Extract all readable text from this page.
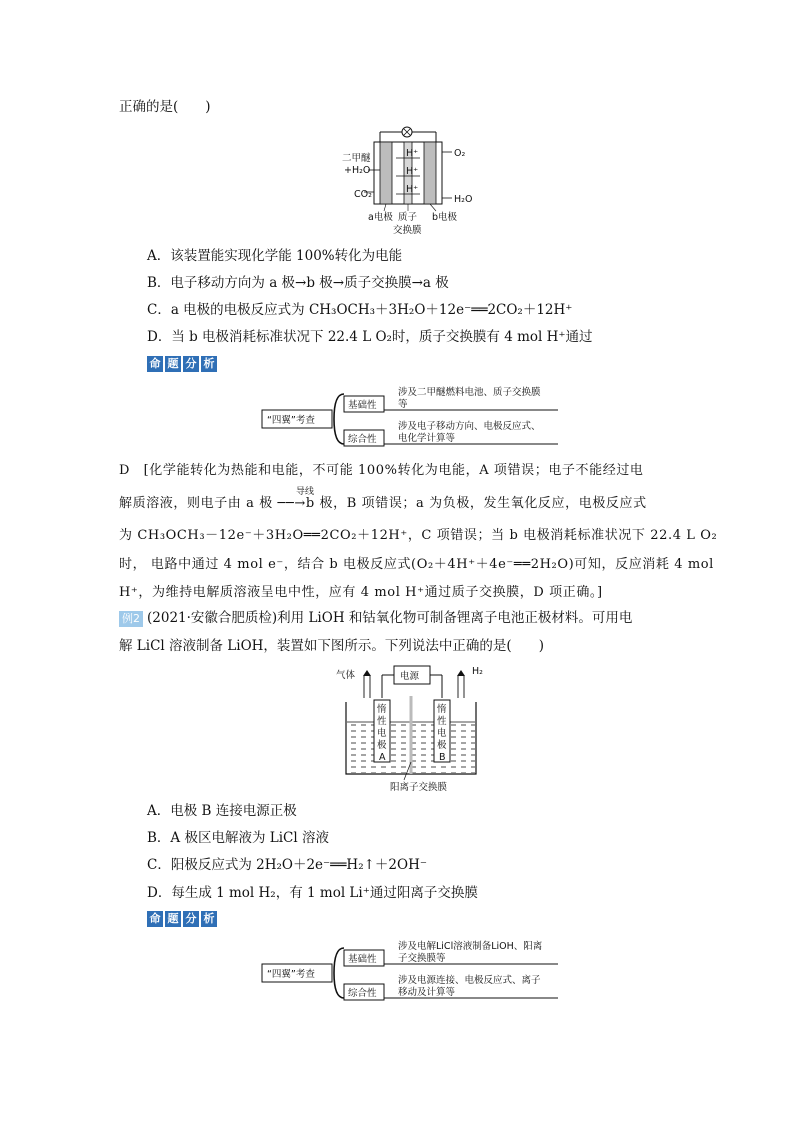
正确的是(　　)
H⁺
H⁺
H⁺
二甲醚
+H₂O
CO₂
O₂
H₂O
a电极 质子
交换膜
b电极
A．该装置能实现化学能 100%转化为电能
B．电子移动方向为 a 极→b 极→质子交换膜→a 极
C．a 电极的电极反应式为 CH₃OCH₃＋3H₂O＋12e⁻══2CO₂＋12H⁺
D．当 b 电极消耗标准状况下 22.4 L O₂时，质子交换膜有 4 mol H⁺通过
命 题 分 析
“四翼”考查
基础性
涉及二甲醚燃料电池、质子交换膜
等
综合性
涉及电子移动方向、电极反应式、
电化学计算等
D　[化学能转化为热能和电能，不可能 100%转化为电能，A 项错误；电子不能经过电
导线
解质溶液，则电子由 a 极 ──→b 极，B 项错误；a 为负极，发生氧化反应，电极反应式
为 CH₃OCH₃－12e⁻＋3H₂O══2CO₂＋12H⁺，C 项错误；当 b 电极消耗标准状况下 22.4 L O₂
时， 电路中通过 4 mol e⁻，结合 b 电极反应式(O₂＋4H⁺＋4e⁻══2H₂O)可知，反应消耗 4 mol
H⁺，为维持电解质溶液呈电中性，应有 4 mol H⁺通过质子交换膜，D 项正确。]
例2 (2021·安徽合肥质检)利用 LiOH 和钴氧化物可制备锂离子电池正极材料。可用电
解 LiCl 溶液制备 LiOH，装置如下图所示。下列说法中正确的是(　　)
电源
气体	H₂
惰
性
电
极
A
惰
性
电
极
B
阳离子交换膜
A．电极 B 连接电源正极
B．A 极区电解液为 LiCl 溶液
C．阳极反应式为 2H₂O＋2e⁻══H₂↑＋2OH⁻
D．每生成 1 mol H₂，有 1 mol Li⁺通过阳离子交换膜
命 题 分 析
“四翼”考查
基础性
涉及电解LiCl溶液制备LiOH、阳离
子交换膜等
综合性
涉及电源连接、电极反应式、离子
移动及计算等
